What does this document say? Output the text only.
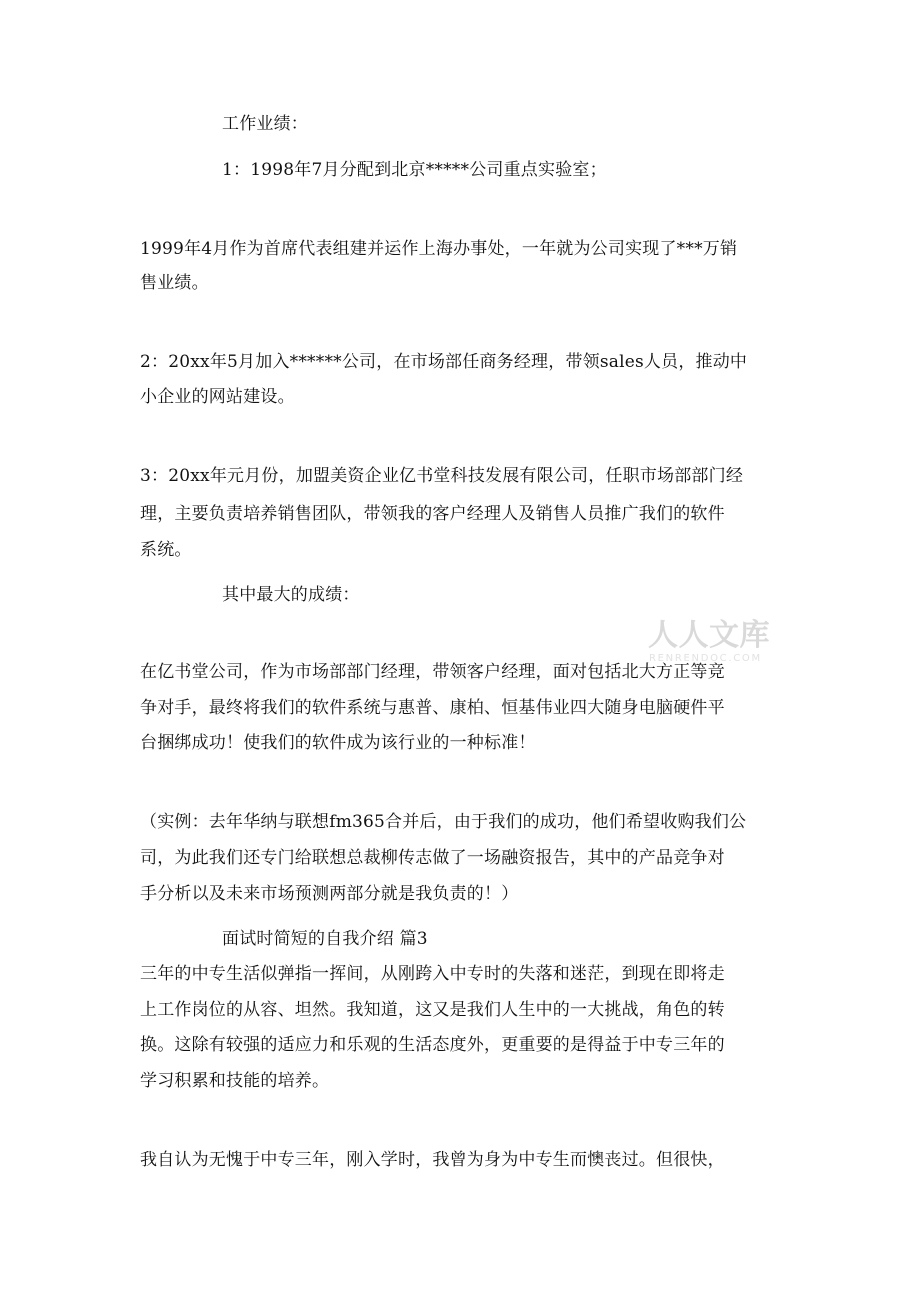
工作业绩：
1：1998年7月分配到北京*****公司重点实验室；
1999年4月作为首席代表组建并运作上海办事处，一年就为公司实现了***万销
售业绩。
2：20xx年5月加入******公司，在市场部任商务经理，带领sales人员，推动中
小企业的网站建设。
3：20xx年元月份，加盟美资企业亿书堂科技发展有限公司，任职市场部部门经
理，主要负责培养销售团队，带领我的客户经理人及销售人员推广我们的软件
系统。
其中最大的成绩：
在亿书堂公司，作为市场部部门经理，带领客户经理，面对包括北大方正等竞
争对手，最终将我们的软件系统与惠普、康柏、恒基伟业四大随身电脑硬件平
台捆绑成功！使我们的软件成为该行业的一种标准！
（实例：去年华纳与联想fm365合并后，由于我们的成功，他们希望收购我们公
司，为此我们还专门给联想总裁柳传志做了一场融资报告，其中的产品竞争对
手分析以及未来市场预测两部分就是我负责的！）
面试时简短的自我介绍 篇3
三年的中专生活似弹指一挥间，从刚跨入中专时的失落和迷茫，到现在即将走
上工作岗位的从容、坦然。我知道，这又是我们人生中的一大挑战，角色的转
换。这除有较强的适应力和乐观的生活态度外，更重要的是得益于中专三年的
学习积累和技能的培养。
我自认为无愧于中专三年，刚入学时，我曾为身为中专生而懊丧过。但很快，
人人文库
RENRENDOC.COM
